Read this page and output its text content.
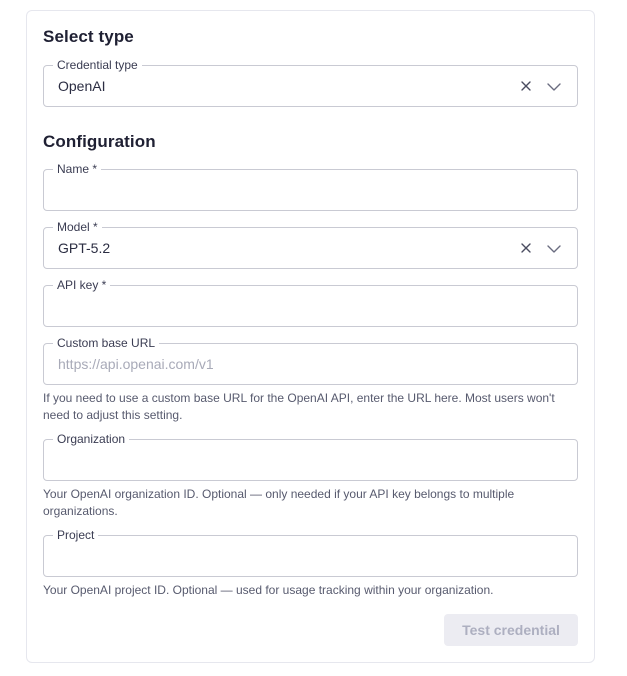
Select type
Credential type
OpenAI
Configuration
Name *
Model *
GPT-5.2
API key *
Custom base URL
https://api.openai.com/v1
If you need to use a custom base URL for the OpenAI API, enter the URL here. Most users won't need to adjust this setting.
Organization
Your OpenAI organization ID. Optional — only needed if your API key belongs to multiple organizations.
Project
Your OpenAI project ID. Optional — used for usage tracking within your organization.
Test credential
